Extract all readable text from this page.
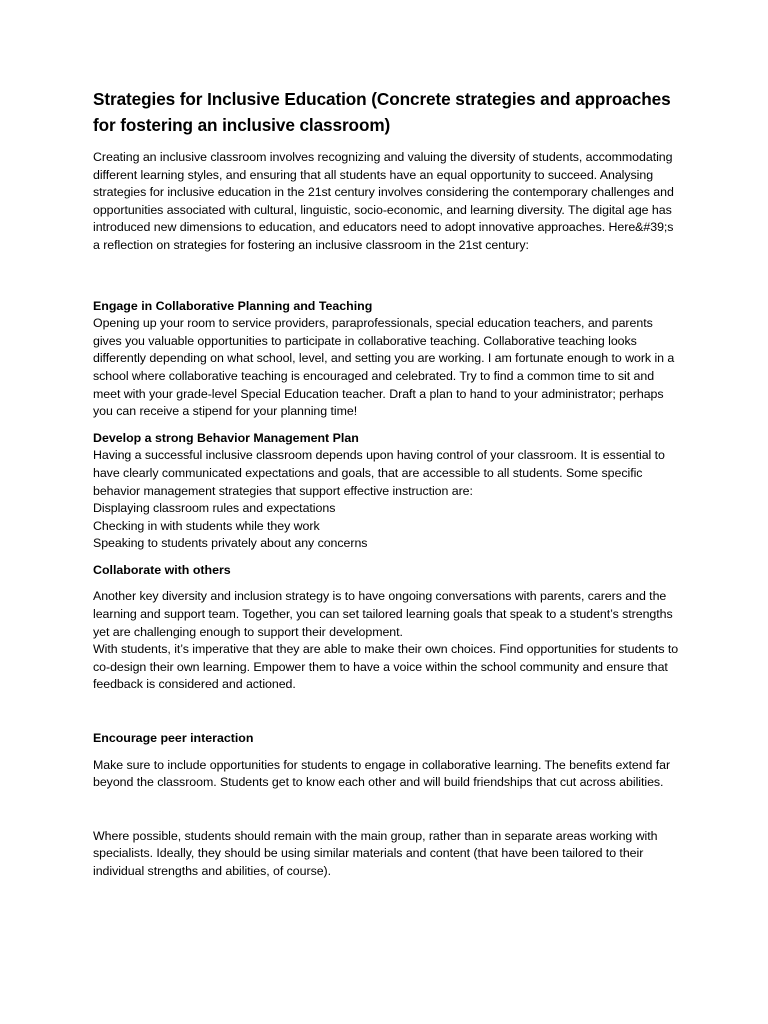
Strategies for Inclusive Education (Concrete strategies and approaches for fostering an inclusive classroom)

Creating an inclusive classroom involves recognizing and valuing the diversity of students, accommodating different learning styles, and ensuring that all students have an equal opportunity to succeed. Analysing strategies for inclusive education in the 21st century involves considering the contemporary challenges and opportunities associated with cultural, linguistic, socio-economic, and learning diversity. The digital age has introduced new dimensions to education, and educators need to adopt innovative approaches. Here&#39;s a reflection on strategies for fostering an inclusive classroom in the 21st century:

Engage in Collaborative Planning and Teaching

Opening up your room to service providers, paraprofessionals, special education teachers, and parents gives you valuable opportunities to participate in collaborative teaching. Collaborative teaching looks differently depending on what school, level, and setting you are working. I am fortunate enough to work in a school where collaborative teaching is encouraged and celebrated. Try to find a common time to sit and meet with your grade-level Special Education teacher. Draft a plan to hand to your administrator; perhaps you can receive a stipend for your planning time!

Develop a strong Behavior Management Plan

Having a successful inclusive classroom depends upon having control of your classroom. It is essential to have clearly communicated expectations and goals, that are accessible to all students. Some specific behavior management strategies that support effective instruction are:

Displaying classroom rules and expectations

Checking in with students while they work

Speaking to students privately about any concerns

Collaborate with others

Another key diversity and inclusion strategy is to have ongoing conversations with parents, carers and the learning and support team. Together, you can set tailored learning goals that speak to a student’s strengths yet are challenging enough to support their development.

With students, it’s imperative that they are able to make their own choices. Find opportunities for students to co-design their own learning. Empower them to have a voice within the school community and ensure that feedback is considered and actioned.

Encourage peer interaction

Make sure to include opportunities for students to engage in collaborative learning. The benefits extend far beyond the classroom. Students get to know each other and will build friendships that cut across abilities.

Where possible, students should remain with the main group, rather than in separate areas working with specialists. Ideally, they should be using similar materials and content (that have been tailored to their individual strengths and abilities, of course).
